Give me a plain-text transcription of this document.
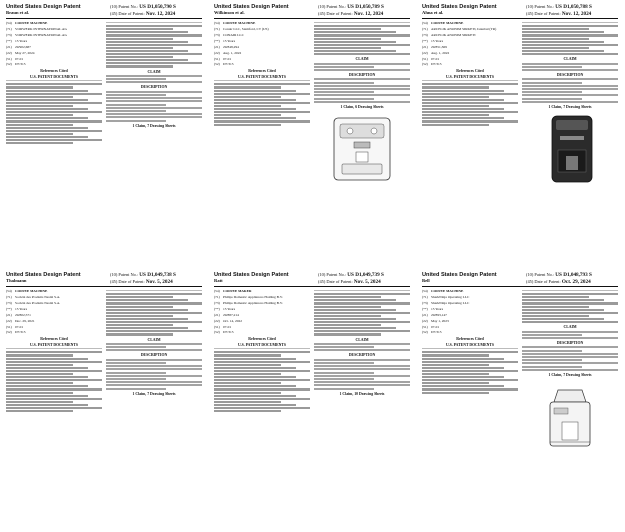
United States Design Patent
Braun et al.
(10) Patent No.: US D1,050,790 S
(45) Date of Patent: Nov. 12, 2024
(54) COFFEE MACHINE
(71) VORWERK INTERNATIONAL AG
(73) VORWERK INTERNATIONAL AG
(**) 15 Years
(21) 29/902,687
(22) May 27, 2024
(51) 07-01
(52) D7/315
References Cited
U.S. PATENT DOCUMENTS
CLAIM
DESCRIPTION
1 Claim, 7 Drawing Sheets
United States Design Patent
Wilkinson et al.
(10) Patent No.: US D1,050,789 S
(45) Date of Patent: Nov. 12, 2024
(54) COFFEE MACHINE
(71) Conair LLC, Stamford, CT (US)
(73) CONAIR LLC
(**) 15 Years
(21) 29/848,294
(22) Aug. 1, 2022
(51) 07-01
(52) D7/315
References Cited
U.S. PATENT DOCUMENTS
CLAIM
DESCRIPTION
1 Claim, 6 Drawing Sheets
United States Design Patent
Ahna et al.
(10) Patent No.: US D1,050,788 S
(45) Date of Patent: Nov. 12, 2024
(54) COFFEE MACHINE
(71) ARCELIK ANONIM SIRKETI, Istanbul (TR)
(73) ARCELIK ANONIM SIRKETI
(**) 15 Years
(21) 29/851,369
(22) Aug. 1, 2022
(51) 07-01
(52) D7/315
References Cited
U.S. PATENT DOCUMENTS
CLAIM
DESCRIPTION
1 Claim, 7 Drawing Sheets
United States Design Patent
Thalmann
(10) Patent No.: US D1,049,738 S
(45) Date of Patent: Nov. 5, 2024
(54) COFFEE MACHINE
(71) Société des Produits Nestlé S.A.
(73) Société des Produits Nestlé S.A.
(**) 15 Years
(21) 29/802,571
(22) Dec. 29, 2021
(51) 07-01
(52) D7/315
References Cited
U.S. PATENT DOCUMENTS
CLAIM
DESCRIPTION
1 Claim, 7 Drawing Sheets
United States Design Patent
Ratt
(10) Patent No.: US D1,049,739 S
(45) Date of Patent: Nov. 5, 2024
(54) COFFEE MAKER
(71) Philips Domestic Appliances Holding B.V.
(73) Philips Domestic Appliances Holding B.V.
(**) 15 Years
(21) 29/887,214
(22) Oct. 14, 2022
(51) 07-01
(52) D7/315
References Cited
U.S. PATENT DOCUMENTS
CLAIM
DESCRIPTION
1 Claim, 10 Drawing Sheets
United States Design Patent
Bell
(10) Patent No.: US D1,048,793 S
(45) Date of Patent: Oct. 29, 2024
(54) COFFEE MACHINE
(71) SharkNinja Operating LLC
(73) SharkNinja Operating LLC
(**) 15 Years
(21) 29/893,147
(22) May 1, 2023
(51) 07-01
(52) D7/315
References Cited
U.S. PATENT DOCUMENTS
CLAIM
DESCRIPTION
1 Claim, 7 Drawing Sheets
